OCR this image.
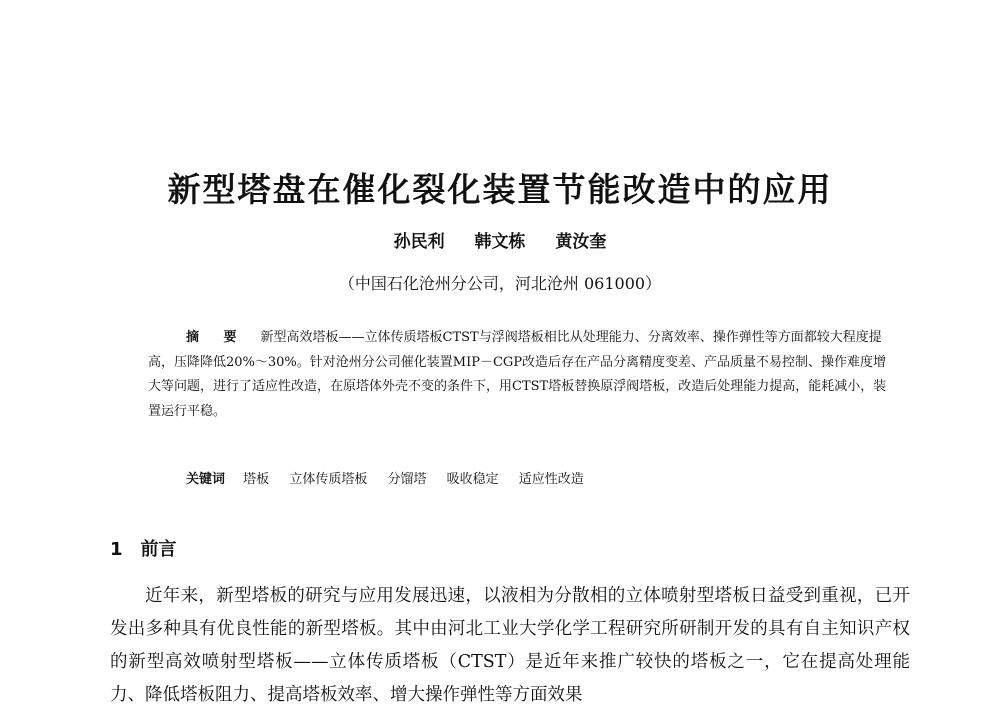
新型塔盘在催化裂化装置节能改造中的应用
孙民利 韩文栋 黄汝奎
（中国石化沧州分公司，河北沧州 061000）
摘 要 新型高效塔板——立体传质塔板CTST与浮阀塔板相比从处理能力、分离效率、操作弹性等方面都较大程度提高，压降降低20%～30%。针对沧州分公司催化装置MIP－CGP改造后存在产品分离精度变差、产品质量不易控制、操作难度增大等问题，进行了适应性改造，在原塔体外壳不变的条件下，用CTST塔板替换原浮阀塔板，改造后处理能力提高，能耗减小，装置运行平稳。
关键词 塔板 立体传质塔板 分馏塔 吸收稳定 适应性改造
1 前言
近年来，新型塔板的研究与应用发展迅速，以液相为分散相的立体喷射型塔板日益受到重视，已开发出多种具有优良性能的新型塔板。其中由河北工业大学化学工程研究所研制开发的具有自主知识产权的新型高效喷射型塔板——立体传质塔板（CTST）是近年来推广较快的塔板之一，它在提高处理能力、降低塔板阻力、提高塔板效率、增大操作弹性等方面效果
